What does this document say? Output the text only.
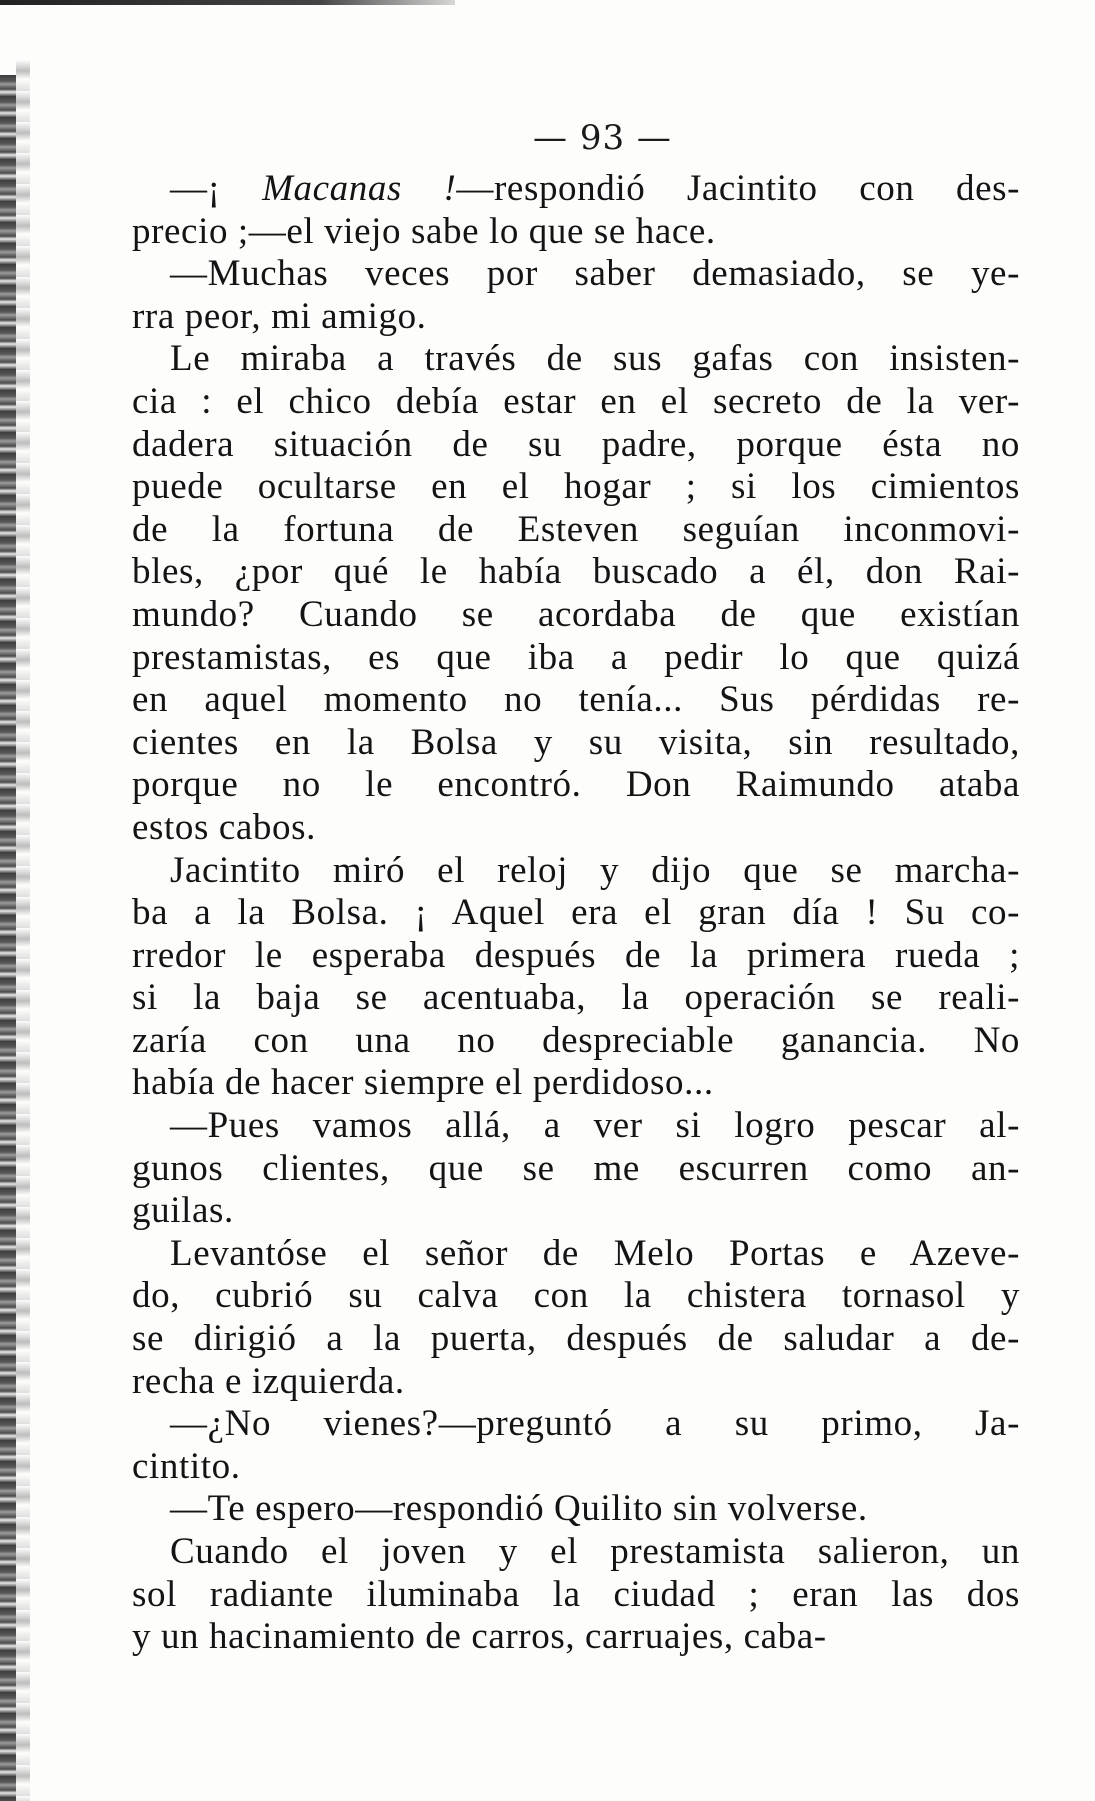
— 93 —
—¡ Macanas !—respondió Jacintito con des-
precio ;—el viejo sabe lo que se hace.
—Muchas veces por saber demasiado, se ye-
rra peor, mi amigo.
Le miraba a través de sus gafas con insisten-
cia : el chico debía estar en el secreto de la ver-
dadera situación de su padre, porque ésta no
puede ocultarse en el hogar ; si los cimientos
de la fortuna de Esteven seguían inconmovi-
bles, ¿por qué le había buscado a él, don Rai-
mundo? Cuando se acordaba de que existían
prestamistas, es que iba a pedir lo que quizá
en aquel momento no tenía... Sus pérdidas re-
cientes en la Bolsa y su visita, sin resultado,
porque no le encontró. Don Raimundo ataba
estos cabos.
Jacintito miró el reloj y dijo que se marcha-
ba a la Bolsa. ¡ Aquel era el gran día ! Su co-
rredor le esperaba después de la primera rueda ;
si la baja se acentuaba, la operación se reali-
zaría con una no despreciable ganancia. No
había de hacer siempre el perdidoso...
—Pues vamos allá, a ver si logro pescar al-
gunos clientes, que se me escurren como an-
guilas.
Levantóse el señor de Melo Portas e Azeve-
do, cubrió su calva con la chistera tornasol y
se dirigió a la puerta, después de saludar a de-
recha e izquierda.
—¿No vienes?—preguntó a su primo, Ja-
cintito.
—Te espero—respondió Quilito sin volverse.
Cuando el joven y el prestamista salieron, un
sol radiante iluminaba la ciudad ; eran las dos
y un hacinamiento de carros, carruajes, caba-
